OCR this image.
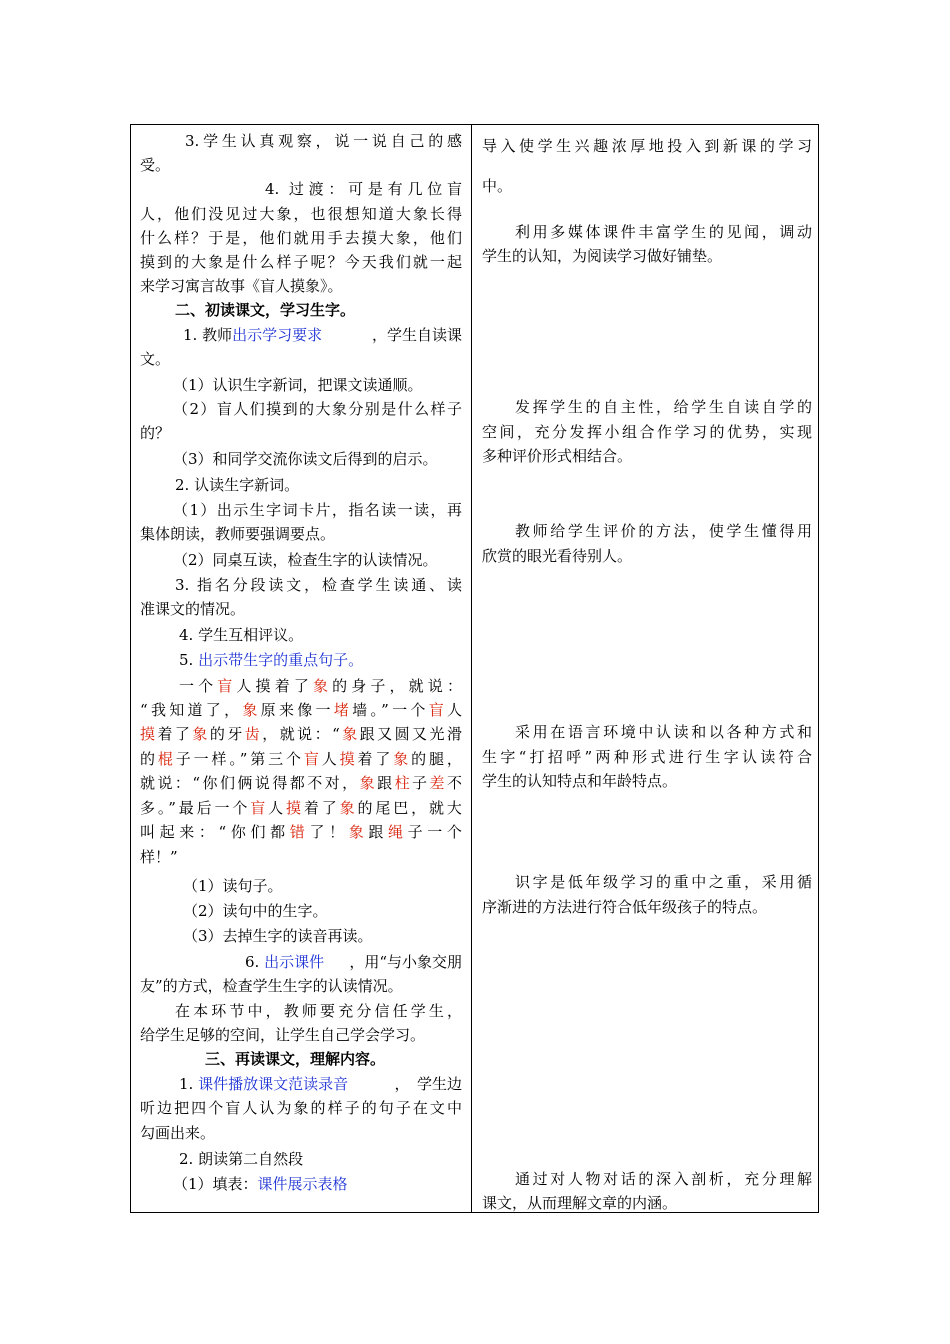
3.学生认真观察，说一说自己的感

受。

4. 过渡：可是有几位盲

人，他们没见过大象，也很想知道大象长得

什么样？于是，他们就用手去摸大象，他们

摸到的大象是什么样子呢？今天我们就一起

来学习寓言故事《盲人摸象》。

二、初读课文，学习生字。

1. 教师出示学习要求	，学生自读课

文。

（1）认识生字新词，把课文读通顺。

（2）盲人们摸到的大象分别是什么样子

的？

（3）和同学交流你读文后得到的启示。

2. 认读生字新词。

（1）出示生字词卡片，指名读一读，再

集体朗读，教师要强调要点。

（2）同桌互读，检查生字的认读情况。

3. 指名分段读文，检查学生读通、读

准课文的情况。

4. 学生互相评议。

5. 出示带生字的重点句子。

一个盲人摸着了象的身子，就说：

“我知道了，象原来像一堵墙。”一个盲人

摸着了象的牙齿，就说：“象跟又圆又光滑

的棍子一样。”第三个盲人摸着了象的腿，

就说：“你们俩说得都不对，象跟柱子差不

多。”最后一个盲人摸着了象的尾巴，就大

叫起来：“你们都错了！象跟绳子一个

样！”

（1）读句子。

（2）读句中的生字。

（3）去掉生字的读音再读。

6. 出示课件 ，用“与小象交朋

友”的方式，检查学生生字的认读情况。

在本环节中，教师要充分信任学生，

给学生足够的空间，让学生自己学会学习。

三、再读课文，理解内容。

1. 课件播放课文范读录音	，　学生边

听边把四个盲人认为象的样子的句子在文中

勾画出来。

2. 朗读第二自然段

（1）填表：课件展示表格

导入使学生兴趣浓厚地投入到新课的学习

中。

利用多媒体课件丰富学生的见闻，调动

学生的认知，为阅读学习做好铺垫。

发挥学生的自主性，给学生自读自学的

空间，充分发挥小组合作学习的优势，实现

多种评价形式相结合。

教师给学生评价的方法，使学生懂得用

欣赏的眼光看待别人。

采用在语言环境中认读和以各种方式和

生字“打招呼”两种形式进行生字认读符合

学生的认知特点和年龄特点。

识字是低年级学习的重中之重，采用循

序渐进的方法进行符合低年级孩子的特点。

通过对人物对话的深入剖析，充分理解

课文，从而理解文章的内涵。
